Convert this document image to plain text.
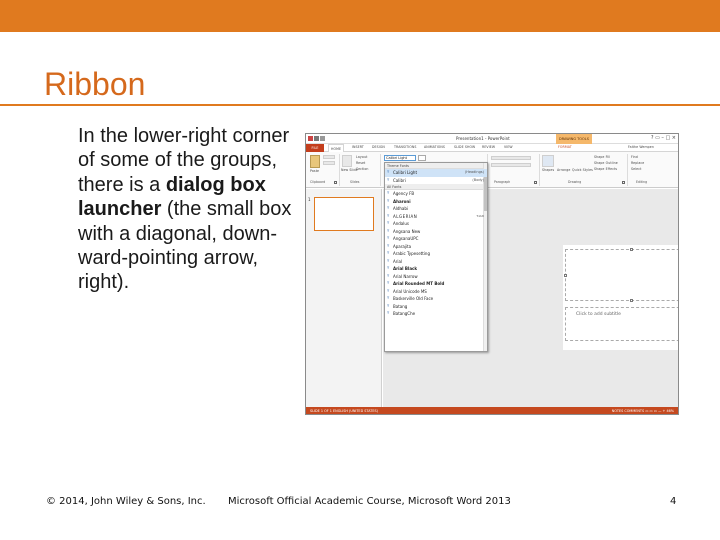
Ribbon
In the lower-right corner of some of the groups, there is a dialog box launcher (the small box with a diagonal, down-ward-pointing arrow, right).
Presentation1 - PowerPoint	DRAWING TOOLS	? ▭ – □ ×
FILE	HOME	INSERT	DESIGN	TRANSITIONS ANIMATIONS	SLIDE SHOW REVIEW	VIEW	FORMAT	Faithe Wempen
Paste
Clipboard
New Slide
Layout
Reset
Section
Slides
Calibri Light
Paragraph
Shapes Arrange Quick Styles
Shape Fill
Shape Outline
Shape Effects
Drawing
Find
Replace
Select
Editing
1
Click to add subtitle
Theme Fonts
Ŧ Calibri Light	(Headings)
Ŧ Calibri	(Body)
All Fonts
Ŧ Agency FB
Ŧ Aharoni
Ŧ Aldhabi
Ŧ ALGERIAN	אבגד
Ŧ Andalus
Ŧ Angsana New
Ŧ AngsanaUPC
Ŧ Aparajita
Ŧ Arabic Typesetting
Ŧ Arial
Ŧ Arial Black
Ŧ Arial Narrow
Ŧ Arial Rounded MT Bold
Ŧ Arial Unicode MS
Ŧ Baskerville Old Face
Ŧ Batang
Ŧ BatangChe
SLIDE 1 OF 1 ENGLISH (UNITED STATES)	NOTES COMMENTS ▭ ▭ ▭ — + 46%
© 2014, John Wiley & Sons, Inc. Microsoft Official Academic Course, Microsoft Word 2013	4
